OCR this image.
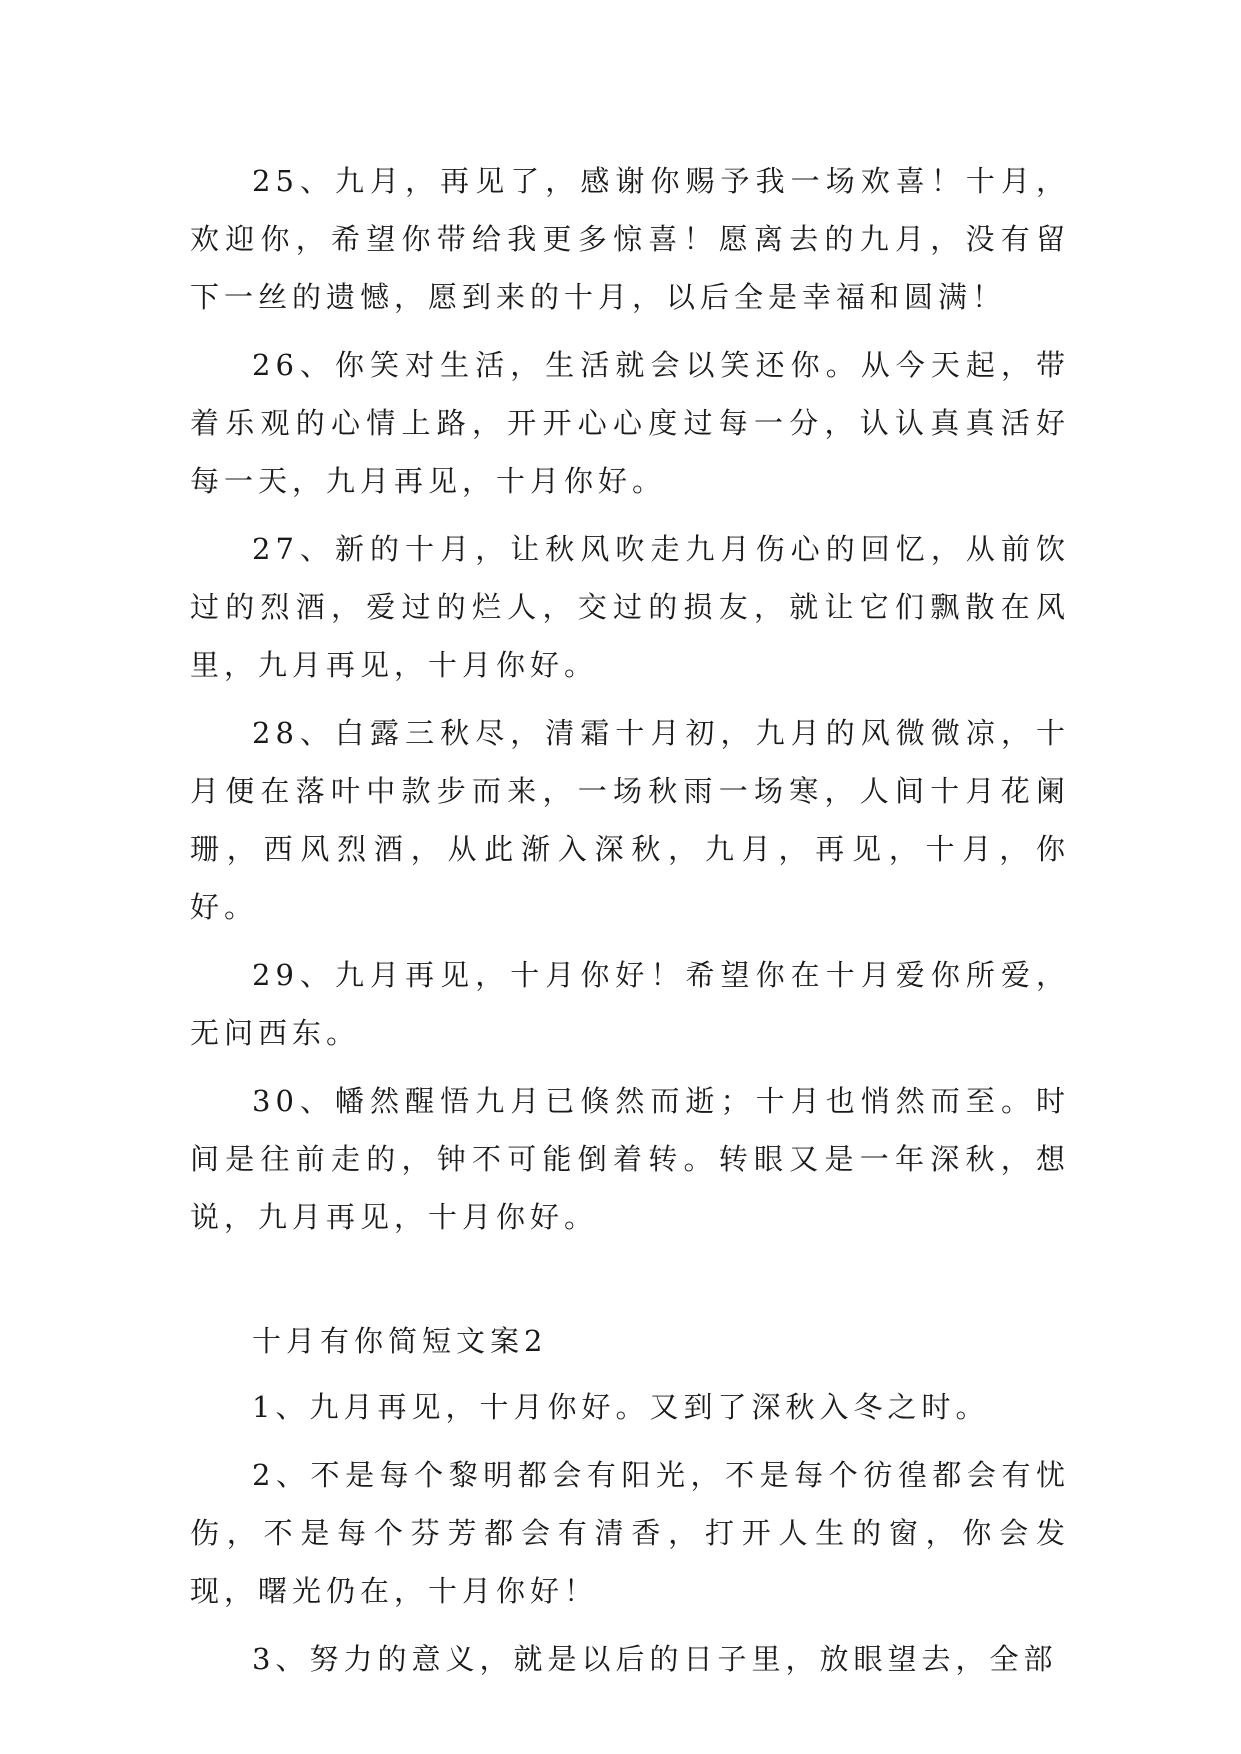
25、九月，再见了，感谢你赐予我一场欢喜！十月，欢迎你，希望你带给我更多惊喜！愿离去的九月，没有留下一丝的遗憾，愿到来的十月，以后全是幸福和圆满！

26、你笑对生活，生活就会以笑还你。从今天起，带着乐观的心情上路，开开心心度过每一分，认认真真活好每一天，九月再见，十月你好。

27、新的十月，让秋风吹走九月伤心的回忆，从前饮过的烈酒，爱过的烂人，交过的损友，就让它们飘散在风里，九月再见，十月你好。

28、白露三秋尽，清霜十月初，九月的风微微凉，十月便在落叶中款步而来，一场秋雨一场寒，人间十月花阑珊，西风烈酒，从此渐入深秋，九月，再见，十月，你好。

29、九月再见，十月你好！希望你在十月爱你所爱，无问西东。

30、幡然醒悟九月已倏然而逝；十月也悄然而至。时间是往前走的，钟不可能倒着转。转眼又是一年深秋，想说，九月再见，十月你好。

十月有你简短文案2

1、九月再见，十月你好。又到了深秋入冬之时。

2、不是每个黎明都会有阳光，不是每个彷徨都会有忧伤，不是每个芬芳都会有清香，打开人生的窗，你会发现，曙光仍在，十月你好！

3、努力的意义，就是以后的日子里，放眼望去，全部
